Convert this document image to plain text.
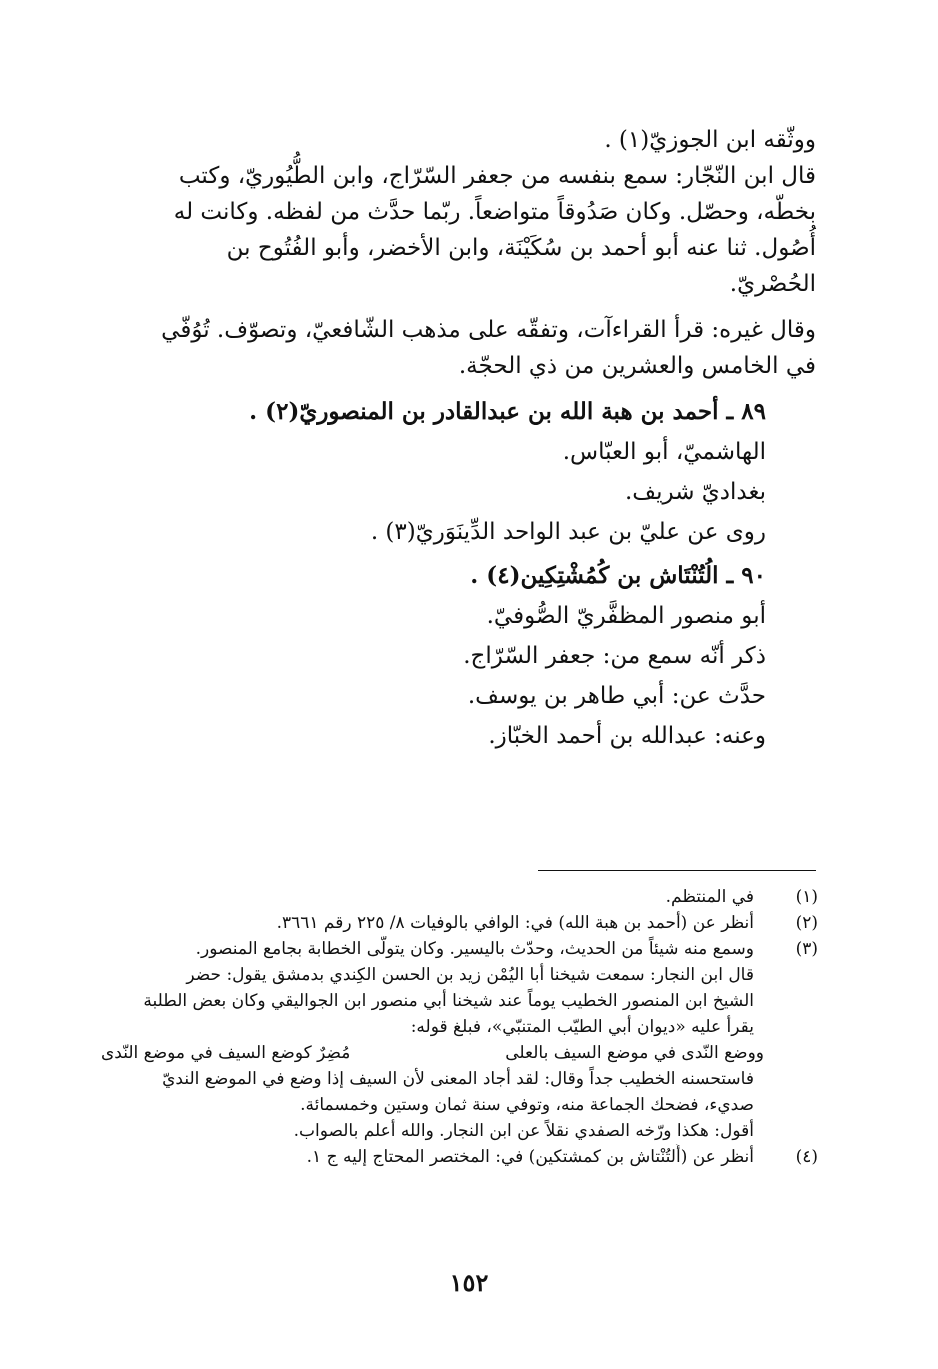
ووثّقه ابن الجوزيّ(١) .
قال ابن النّجّار: سمع بنفسه من جعفر السّرّاج، وابن الطُّيُوريّ، وكتب
بخطّه، وحصّل. وكان صَدُوقاً متواضعاً. ربّما حدَّث من لفظه. وكانت له
أُصُول. ثنا عنه أبو أحمد بن سُكَيْنَة، وابن الأخضر، وأبو الفُتُوح بن
الحُصْريّ.
وقال غيره: قرأ القراءآت، وتفقّه على مذهب الشّافعيّ، وتصوّف. تُوُفّي
في الخامس والعشرين من ذي الحجّة.
٨٩ ـ أحمد بن هبة الله بن عبدالقادر بن المنصوريّ(٢) .
الهاشميّ، أبو العبّاس.
بغداديّ شريف.
روى عن عليّ بن عبد الواحد الدِّينَوَريّ(٣) .
٩٠ ـ الُتُنْتَاش بن كُمُشْتِكِين(٤) .
أبو منصور المظفَّريّ الصُّوفيّ.
ذكر أنّه سمع من: جعفر السّرّاج.
حدَّث عن: أبي طاهر بن يوسف.
وعنه: عبدالله بن أحمد الخبّاز.
(١)
في المنتظم.
(٢)
أنظر عن (أحمد بن هبة الله) في: الوافي بالوفيات ٨/ ٢٢٥ رقم ٣٦٦١.
(٣)
وسمع منه شيئاً من الحديث، وحدّث باليسير. وكان يتولّى الخطابة بجامع المنصور.
قال ابن النجار: سمعت شيخنا أبا اليُمْن زيد بن الحسن الكِندي بدمشق يقول: حضر
الشيخ ابن المنصور الخطيب يوماً عند شيخنا أبي منصور ابن الجواليقي وكان بعض الطلبة
يقرأ عليه «ديوان أبي الطيّب المتنبّي»، فبلغ قوله:
ووضع النّدى في موضع السيف بالعلى
مُضِرٌ كوضع السيف في موضع النّدى
فاستحسنه الخطيب جداً وقال: لقد أجاد المعنى لأن السيف إذا وضع في الموضع النديّ
صديء، فضحك الجماعة منه، وتوفي سنة ثمان وستين وخمسمائة.
أقول: هكذا ورّخه الصفدي نقلاً عن ابن النجار. والله أعلم بالصواب.
(٤)
أنظر عن (أُلتُنْتاش بن كمشتكين) في: المختصر المحتاج إليه ج ١.
١٥٢
